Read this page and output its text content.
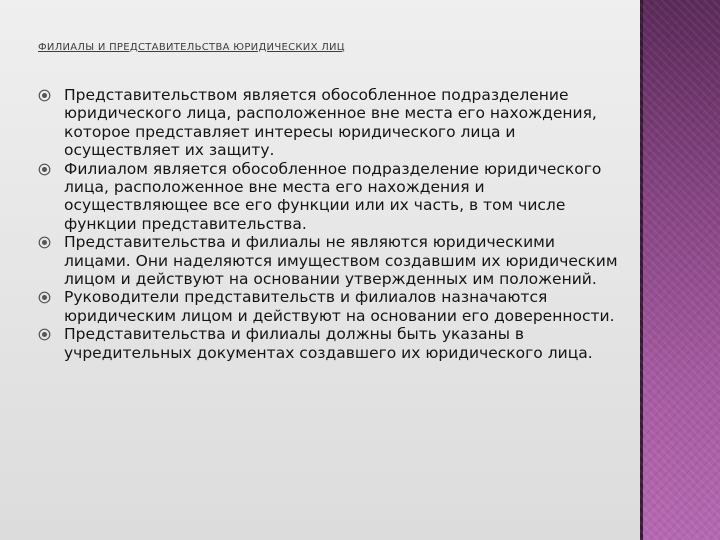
ФИЛИАЛЫ И ПРЕДСТАВИТЕЛЬСТВА ЮРИДИЧЕСКИХ ЛИЦ
Представительством является обособленное подразделение юридического лица, расположенное вне места его нахождения, которое представляет интересы юридического лица и осуществляет их защиту.
Филиалом является обособленное подразделение юридического лица, расположенное вне места его нахождения и осуществляющее все его функции или их часть, в том числе функции представительства.
Представительства и филиалы не являются юридическими лицами. Они наделяются имуществом создавшим их юридическим лицом и действуют на основании утвержденных им положений.
Руководители представительств и филиалов назначаются юридическим лицом и действуют на основании его доверенности.
Представительства и филиалы должны быть указаны в учредительных документах создавшего их юридического лица.
